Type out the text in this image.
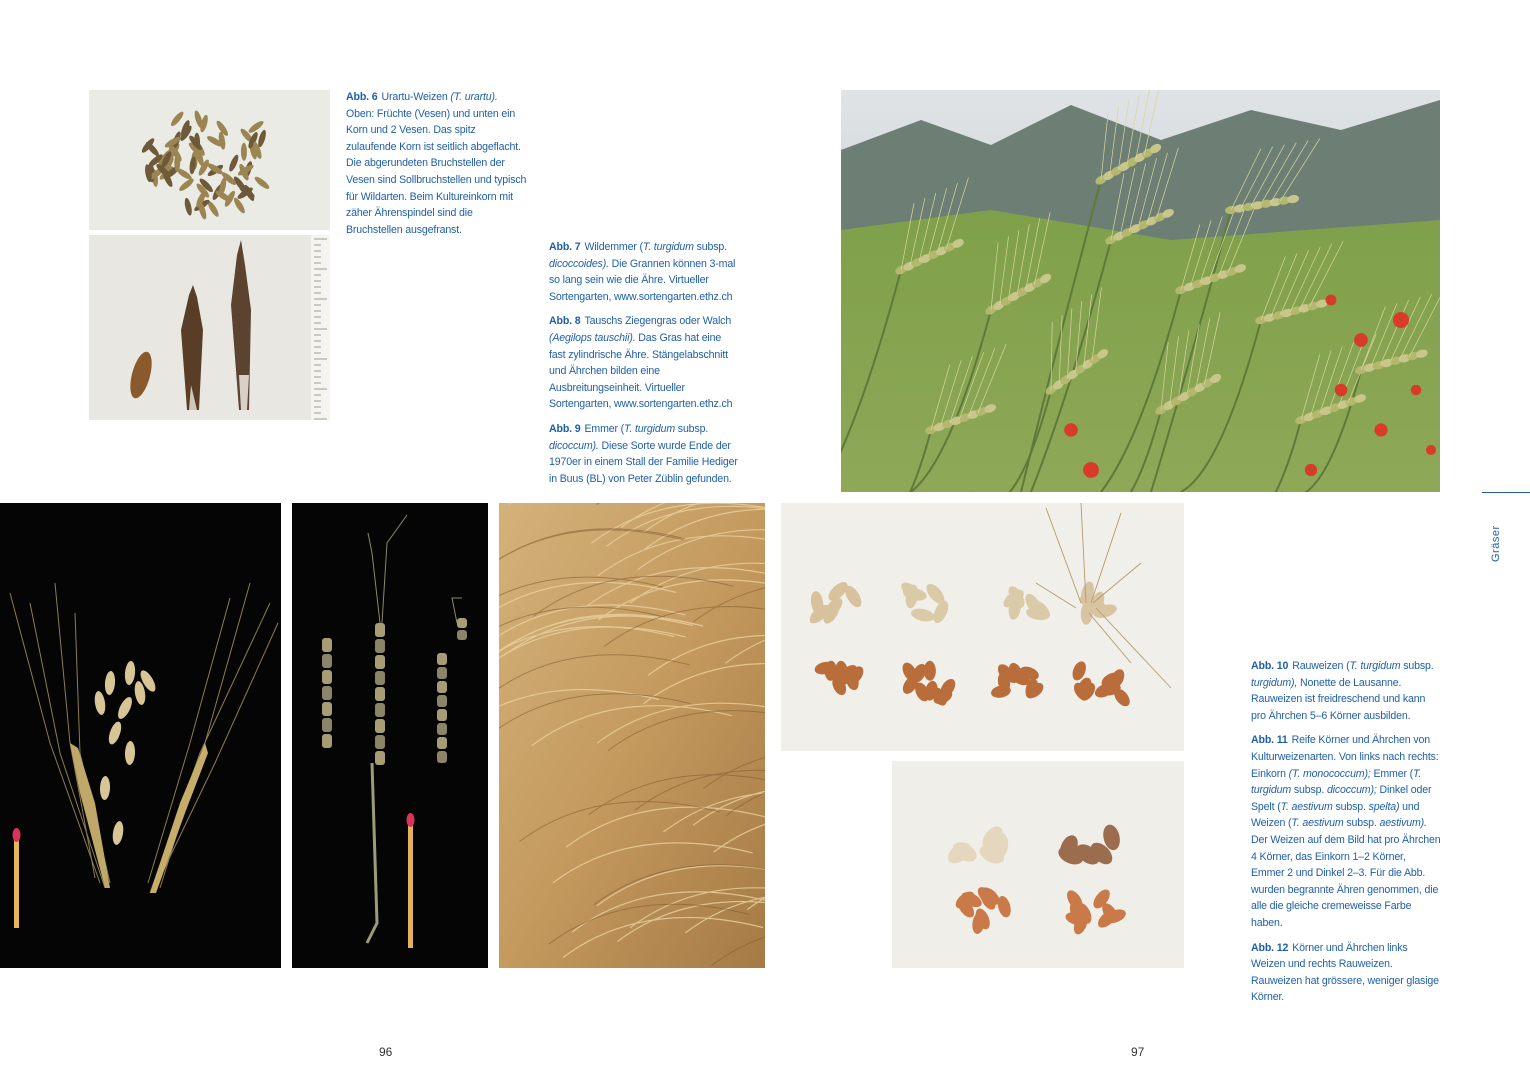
Abb. 6 Urartu-Weizen (T. urartu). Oben: Früchte (Vesen) und unten ein Korn und 2 Vesen. Das spitz zulaufende Korn ist seitlich abgeflacht. Die abgerundeten Bruchstellen der Vesen sind Sollbruchstellen und typisch für Wildarten. Beim Kultureinkorn mit zäher Ährenspindel sind die Bruchstellen ausgefranst.

Abb. 7 Wildemmer (T. turgidum subsp. dicoccoides). Die Grannen können 3-mal so lang sein wie die Ähre. Virtueller Sortengarten, www.sortengarten.ethz.ch

Abb. 8 Tauschs Ziegengras oder Walch (Aegilops tauschii). Das Gras hat eine fast zylindrische Ähre. Stängelabschnitt und Ährchen bilden eine Ausbreitungseinheit. Virtueller Sortengarten, www.sortengarten.ethz.ch

Abb. 9 Emmer (T. turgidum subsp. dicoccum). Diese Sorte wurde Ende der 1970er in einem Stall der Familie Hediger in Buus (BL) von Peter Züblin gefunden.

96

Abb. 10 Rauweizen (T. turgidum subsp. turgidum), Nonette de Lausanne. Rauweizen ist freidreschend und kann pro Ährchen 5–6 Körner ausbilden.

Abb. 11 Reife Körner und Ährchen von Kulturweizenarten. Von links nach rechts: Einkorn (T. monococcum); Emmer (T. turgidum subsp. dicoccum); Dinkel oder Spelt (T. aestivum subsp. spelta) und Weizen (T. aestivum subsp. aestivum). Der Weizen auf dem Bild hat pro Ährchen 4 Körner, das Einkorn 1–2 Körner, Emmer 2 und Dinkel 2–3. Für die Abb. wurden begrannte Ähren genommen, die alle die gleiche cremeweisse Farbe haben.

Abb. 12 Körner und Ährchen links Weizen und rechts Rauweizen. Rauweizen hat grössere, weniger glasige Körner.

Gräser
97
